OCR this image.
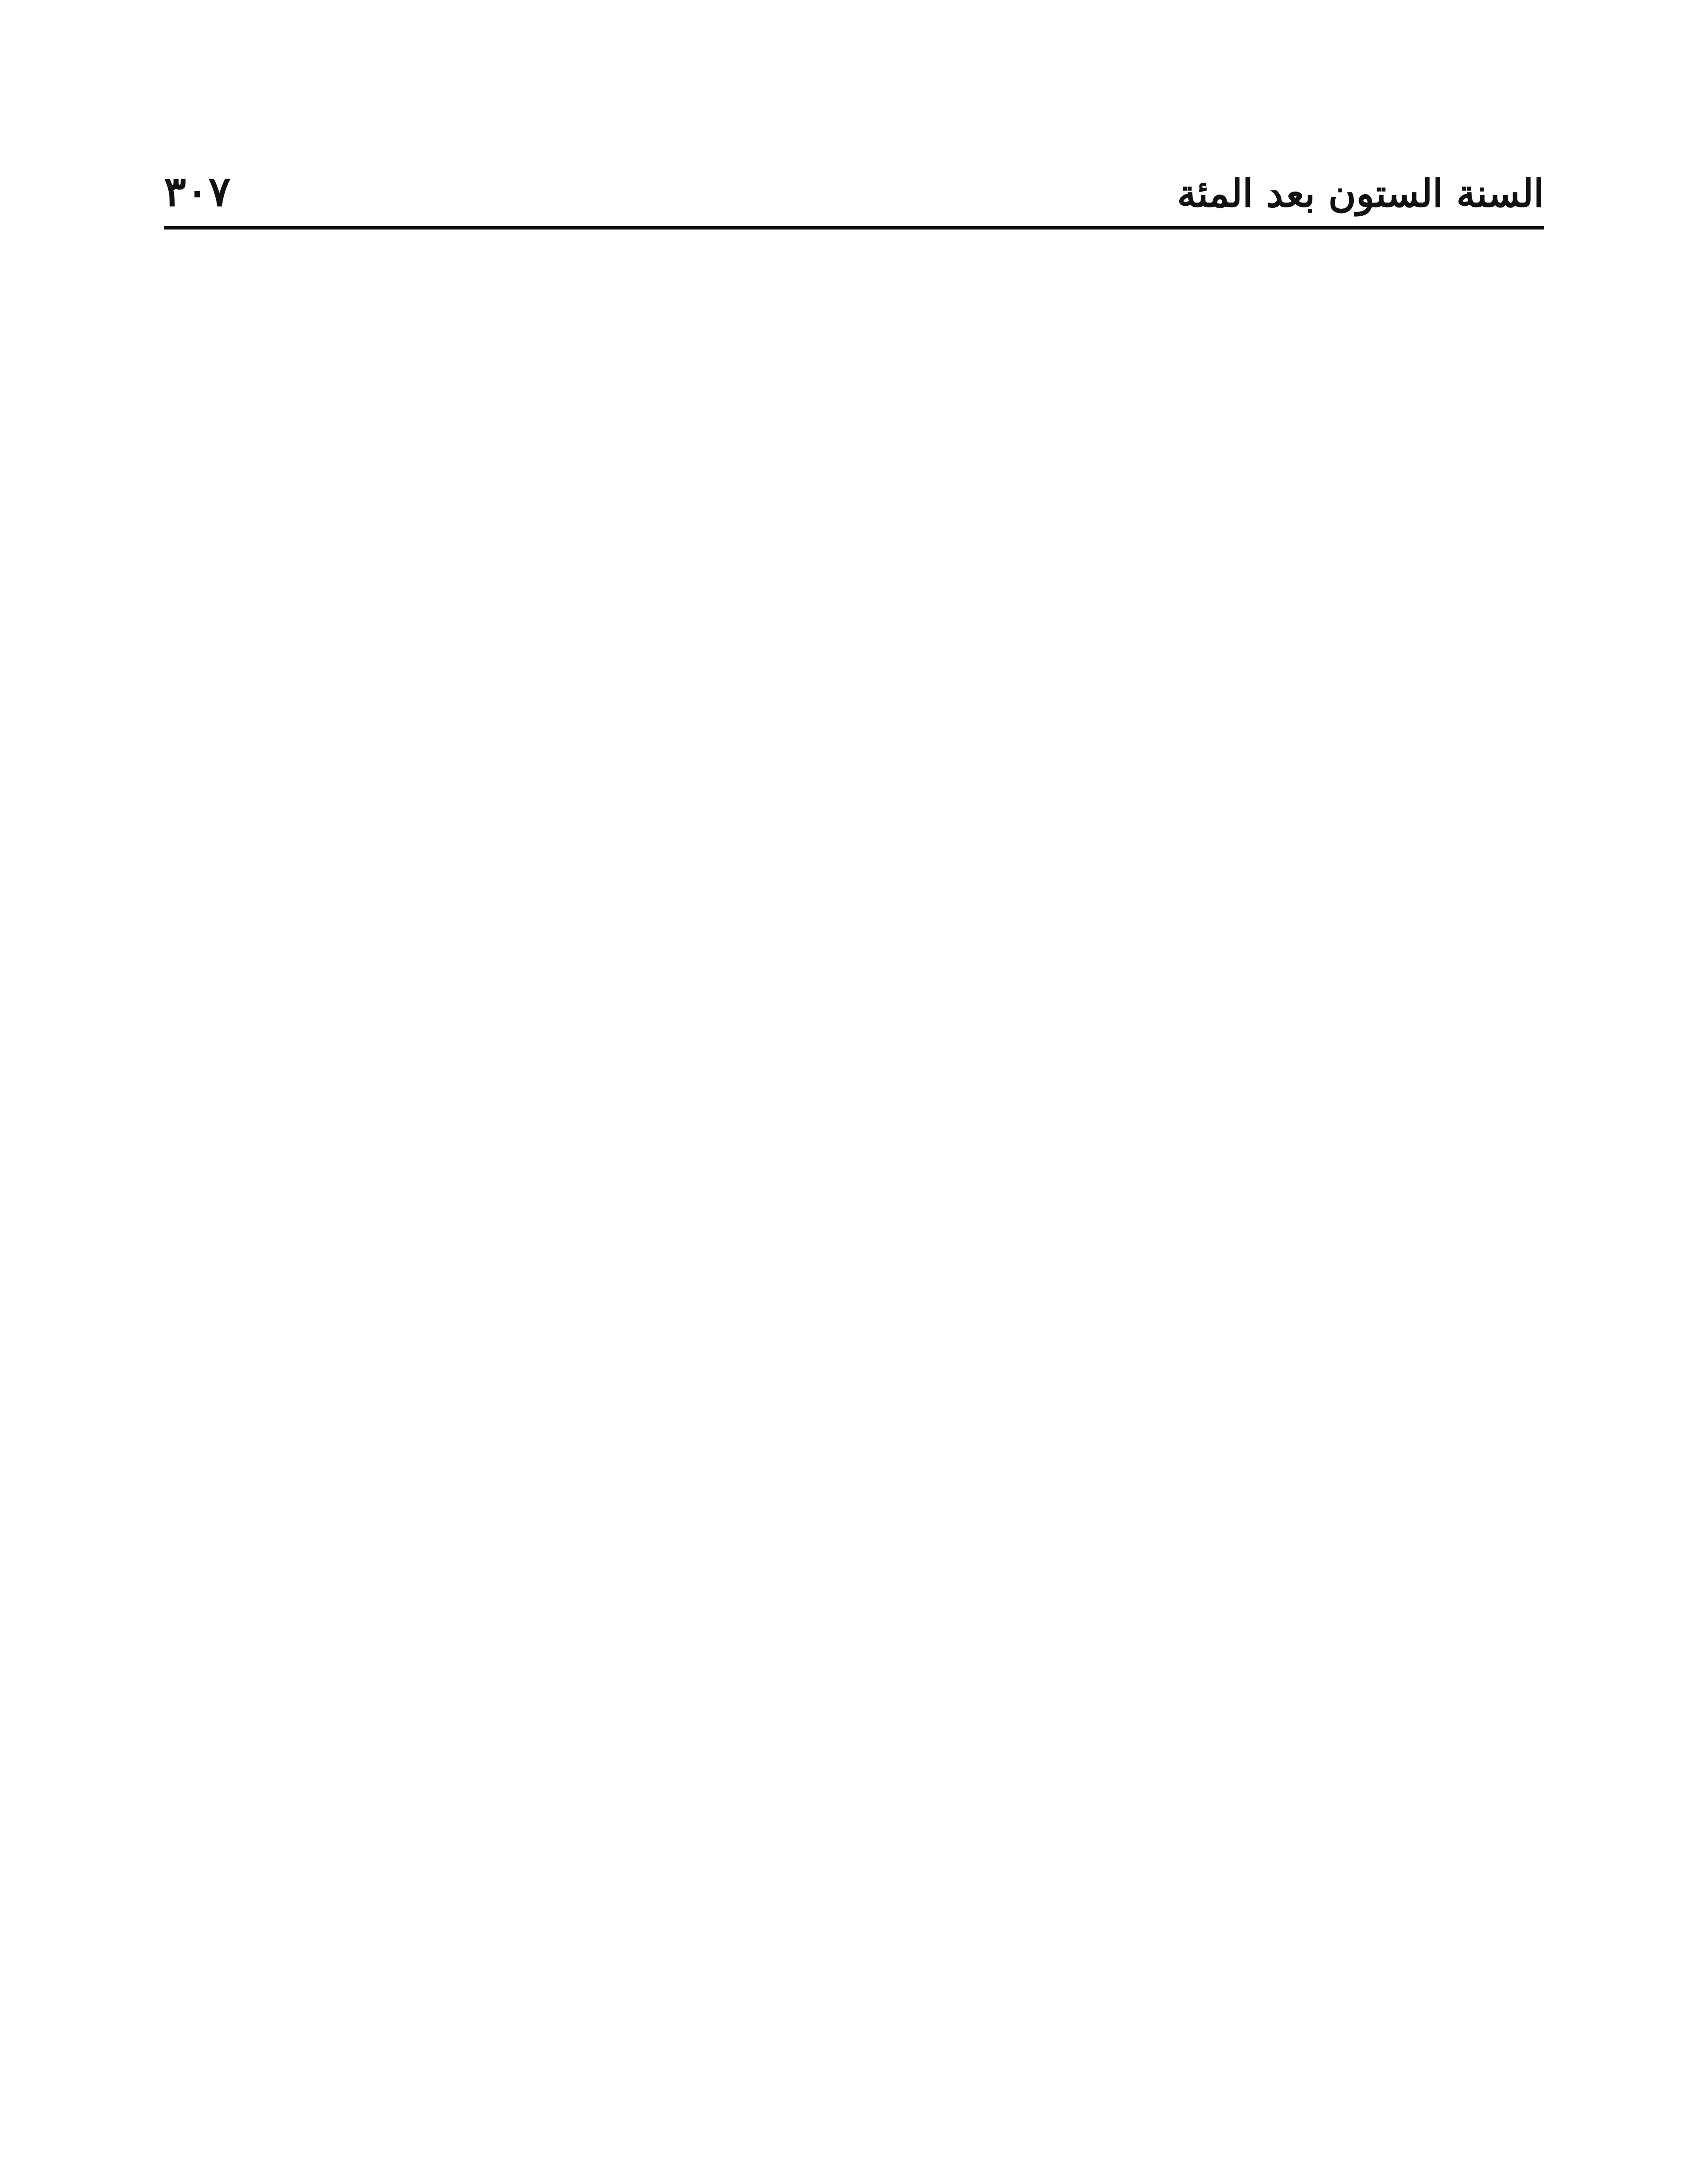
السنة الستون بعد المئة
٣٠٧
